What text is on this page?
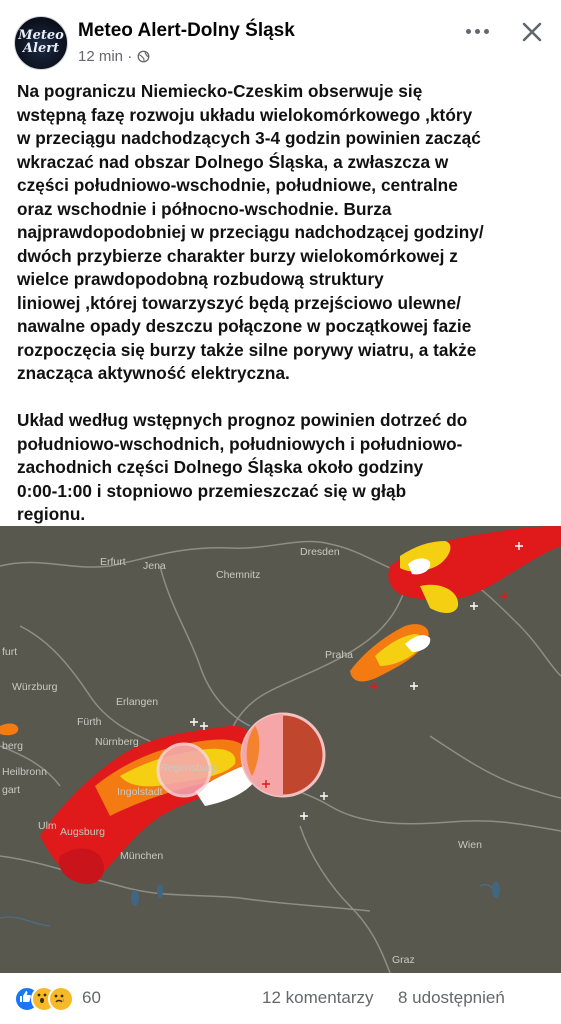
Meteo
Alert
Meteo Alert-Dolny Śląsk
12 min ·
Na pograniczu Niemiecko-Czeskim obserwuje się
wstępną fazę rozwoju układu wielokomórkowego ,który
w przeciągu nadchodzących 3-4 godzin powinien zacząć
wkraczać nad obszar Dolnego Śląska, a zwłaszcza w
części południowo-wschodnie, południowe, centralne
oraz wschodnie i północno-wschodnie. Burza
najprawdopodobniej w przeciągu nadchodzącej godziny/
dwóch przybierze charakter burzy wielokomórkowej z
wielce prawdopodobną rozbudową struktury
liniowej ,której towarzyszyć będą przejściowo ulewne/
nawalne opady deszczu połączone w początkowej fazie
rozpoczęcia się burzy także silne porywy wiatru, a także
znacząca aktywność elektryczna.

Układ według wstępnych prognoz powinien dotrzeć do
południowo-wschodnich, południowych i południowo-
zachodnich części Dolnego Śląska około godziny
0:00-1:00 i stopniowo przemieszczać się w głąb
regionu.
Dresden
Erfurt Jena
Chemnitz
furt
Würzburg
Erlangen
Fürth
Nürnberg
berg
Heilbronn
gart
Regensburg
Ingolstadt
Ulm Augsburg
München
Praha
Wien
Graz
60	12 komentarzy 8 udostępnień
